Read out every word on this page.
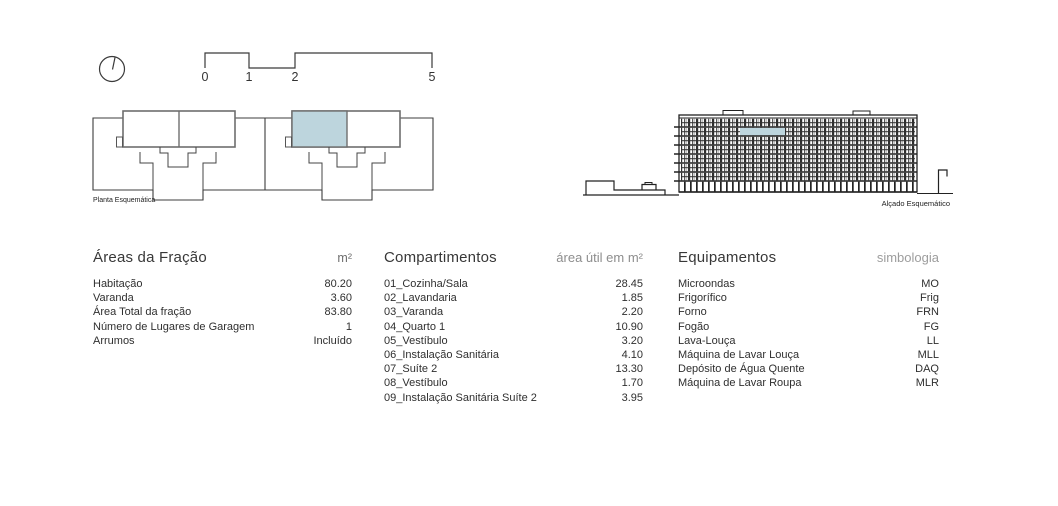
0	1	2	5
Planta Esquemática	Alçado Esquemático
Áreas da Fração	m²
Habitação	80.20
Varanda	3.60
Área Total da fração	83.80
Número de Lugares de Garagem	1
Arrumos	Incluído
Compartimentos	área útil em m²
01_Cozinha/Sala	28.45
02_Lavandaria	1.85
03_Varanda	2.20
04_Quarto 1	10.90
05_Vestíbulo	3.20
06_Instalação Sanitária	4.10
07_Suíte 2	13.30
08_Vestíbulo	1.70
09_Instalação Sanitária Suíte 2	3.95
Equipamentos	simbologia
Microondas	MO
Frigorífico	Frig
Forno	FRN
Fogão	FG
Lava-Louça	LL
Máquina de Lavar Louça	MLL
Depósito de Água Quente	DAQ
Máquina de Lavar Roupa	MLR
